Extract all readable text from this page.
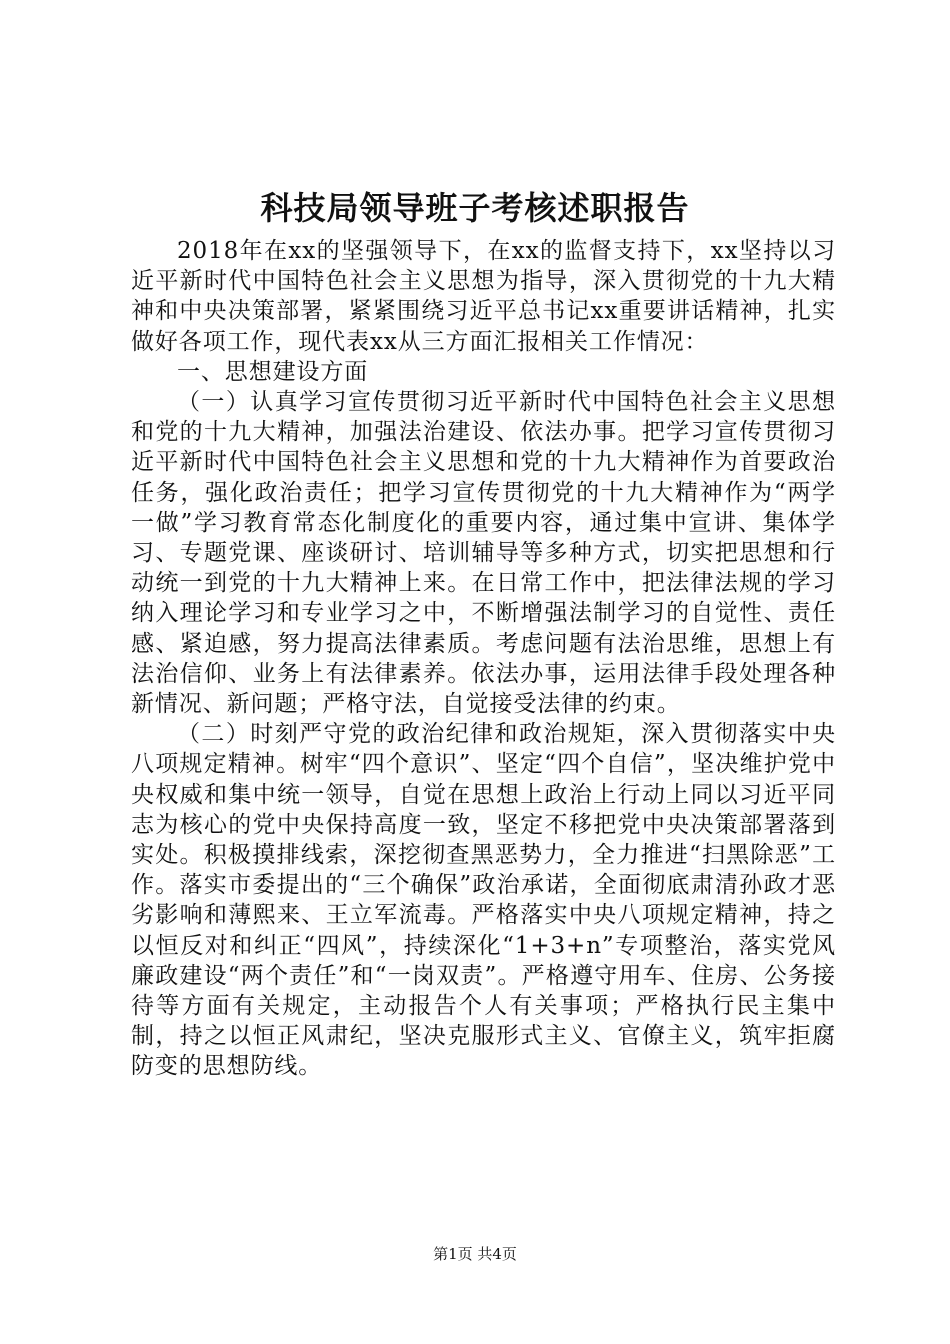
科技局领导班子考核述职报告

2018年在xx的坚强领导下，在xx的监督支持下，xx坚持以习近平新时代中国特色社会主义思想为指导，深入贯彻党的十九大精神和中央决策部署，紧紧围绕习近平总书记xx重要讲话精神，扎实做好各项工作，现代表xx从三方面汇报相关工作情况：

一、思想建设方面

（一）认真学习宣传贯彻习近平新时代中国特色社会主义思想和党的十九大精神，加强法治建设、依法办事。把学习宣传贯彻习近平新时代中国特色社会主义思想和党的十九大精神作为首要政治任务，强化政治责任；把学习宣传贯彻党的十九大精神作为“两学一做”学习教育常态化制度化的重要内容，通过集中宣讲、集体学习、专题党课、座谈研讨、培训辅导等多种方式，切实把思想和行动统一到党的十九大精神上来。在日常工作中，把法律法规的学习纳入理论学习和专业学习之中，不断增强法制学习的自觉性、责任感、紧迫感，努力提高法律素质。考虑问题有法治思维，思想上有法治信仰、业务上有法律素养。依法办事，运用法律手段处理各种新情况、新问题；严格守法，自觉接受法律的约束。

（二）时刻严守党的政治纪律和政治规矩，深入贯彻落实中央八项规定精神。树牢“四个意识”、坚定“四个自信”，坚决维护党中央权威和集中统一领导，自觉在思想上政治上行动上同以习近平同志为核心的党中央保持高度一致，坚定不移把党中央决策部署落到实处。积极摸排线索，深挖彻查黑恶势力，全力推进“扫黑除恶”工作。落实市委提出的“三个确保”政治承诺，全面彻底肃清孙政才恶劣影响和薄熙来、王立军流毒。严格落实中央八项规定精神，持之以恒反对和纠正“四风”，持续深化“1+3+n”专项整治，落实党风廉政建设“两个责任”和“一岗双责”。严格遵守用车、住房、公务接待等方面有关规定，主动报告个人有关事项；严格执行民主集中制，持之以恒正风肃纪，坚决克服形式主义、官僚主义，筑牢拒腐防变的思想防线。

第1页 共4页
